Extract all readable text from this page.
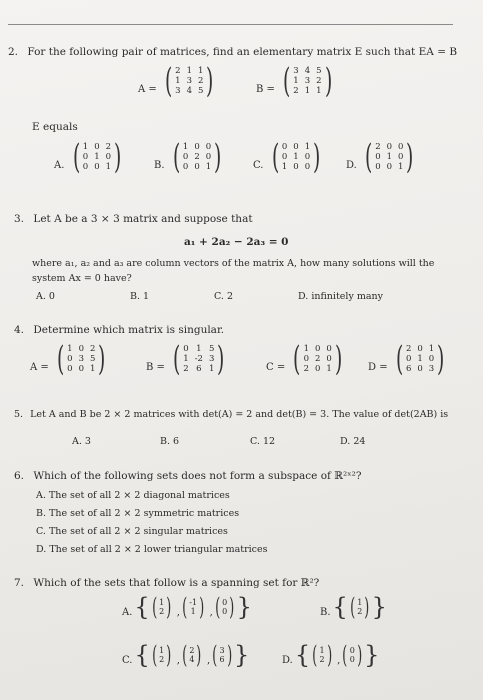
2. For the following pair of matrices, find an elementary matrix E such that EA = B
A = ( 2 1 1
1 3 2
3 4 5 )	B = ( 3 4 5
1 3 2
2 1 1 )
E equals
A. ( 1 0 2
0 1 0
0 0 1 )	B. ( 1 0 0
0 2 0
0 0 1 )	C. ( 0 0 1
0 1 0
1 0 0 )	D. ( 2 0 0
0 1 0
0 0 1 )
3. Let A be a 3 × 3 matrix and suppose that
a₁ + 2a₂ − 2a₃ = 0
where a₁, a₂ and a₃ are column vectors of the matrix A, how many solutions will the
system Ax = 0 have?
A. 0	B. 1	C. 2	D. infinitely many
4. Determine which matrix is singular.
A = ( 1 0 2
0 3 5
0 0 1 )	B = ( 0 1 5
1 -2 3
2 6 1 )	C = ( 1 0 0
0 2 0
2 0 1 )	D = ( 2 0 1
0 1 0
6 0 3 )
5. Let A and B be 2 × 2 matrices with det(A) = 2 and det(B) = 3. The value of det(2AB) is
A. 3	B. 6	C. 12	D. 24
6. Which of the following sets does not form a subspace of ℝ²ˣ²?
A. The set of all 2 × 2 diagonal matrices
B. The set of all 2 × 2 symmetric matrices
C. The set of all 2 × 2 singular matrices
D. The set of all 2 × 2 lower triangular matrices
7. Which of the sets that follow is a spanning set for ℝ²?
A.{ ( 1
2 ) , ( -1
1 ) , ( 0
0 ) }	B.{ ( 1
2 ) }
C.{ ( 1
2 ) , ( 2
4 ) , ( 3
6 ) }	D.{ ( 1
2 ) , ( 0
0 ) }
